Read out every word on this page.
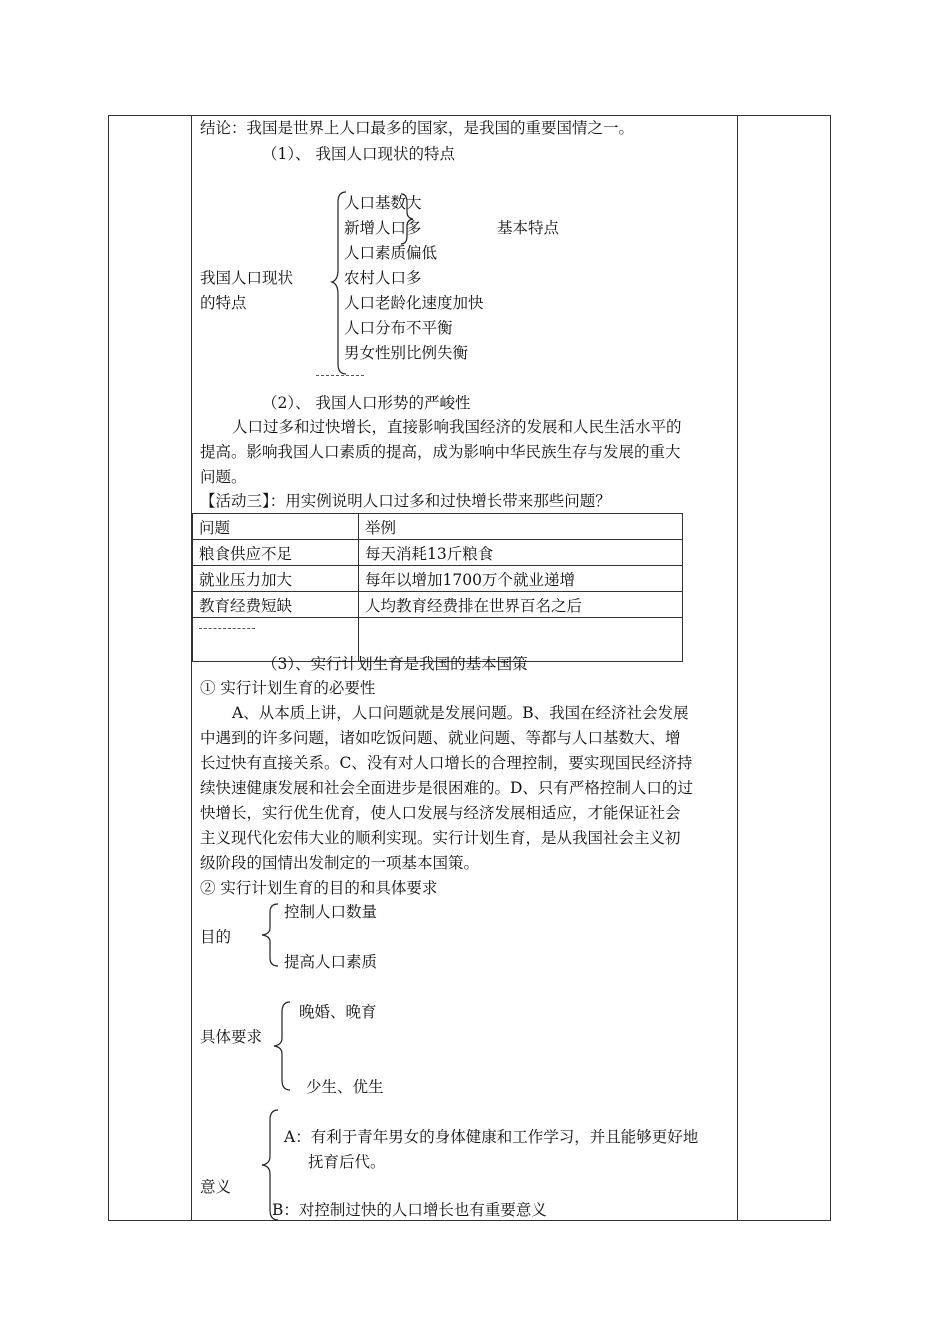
结论：我国是世界上人口最多的国家，是我国的重要国情之一。
（1）、 我国人口现状的特点
我国人口现状
的特点
人口基数大
新增人口多
人口素质偏低
农村人口多
人口老龄化速度加快
人口分布不平衡
男女性别比例失衡
基本特点
（2）、 我国人口形势的严峻性
人口过多和过快增长，直接影响我国经济的发展和人民生活水平的
提高。影响我国人口素质的提高，成为影响中华民族生存与发展的重大
问题。
【活动三】：用实例说明人口过多和过快增长带来那些问题？
问题	举例
粮食供应不足	每天消耗13斤粮食
就业压力加大	每年以增加1700万个就业递增
教育经费短缺	人均教育经费排在世界百名之后

（3）、实行计划生育是我国的基本国策
① 实行计划生育的必要性
A、从本质上讲，人口问题就是发展问题。B、我国在经济社会发展
中遇到的许多问题，诸如吃饭问题、就业问题、等都与人口基数大、增
长过快有直接关系。C、没有对人口增长的合理控制，要实现国民经济持
续快速健康发展和社会全面进步是很困难的。D、只有严格控制人口的过
快增长，实行优生优育，使人口发展与经济发展相适应，才能保证社会
主义现代化宏伟大业的顺利实现。实行计划生育，是从我国社会主义初
级阶段的国情出发制定的一项基本国策。
② 实行计划生育的目的和具体要求
目的
控制人口数量
提高人口素质
具体要求
晚婚、晚育
少生、优生
意义
A：有利于青年男女的身体健康和工作学习，并且能够更好地
抚育后代。
B：对控制过快的人口增长也有重要意义
